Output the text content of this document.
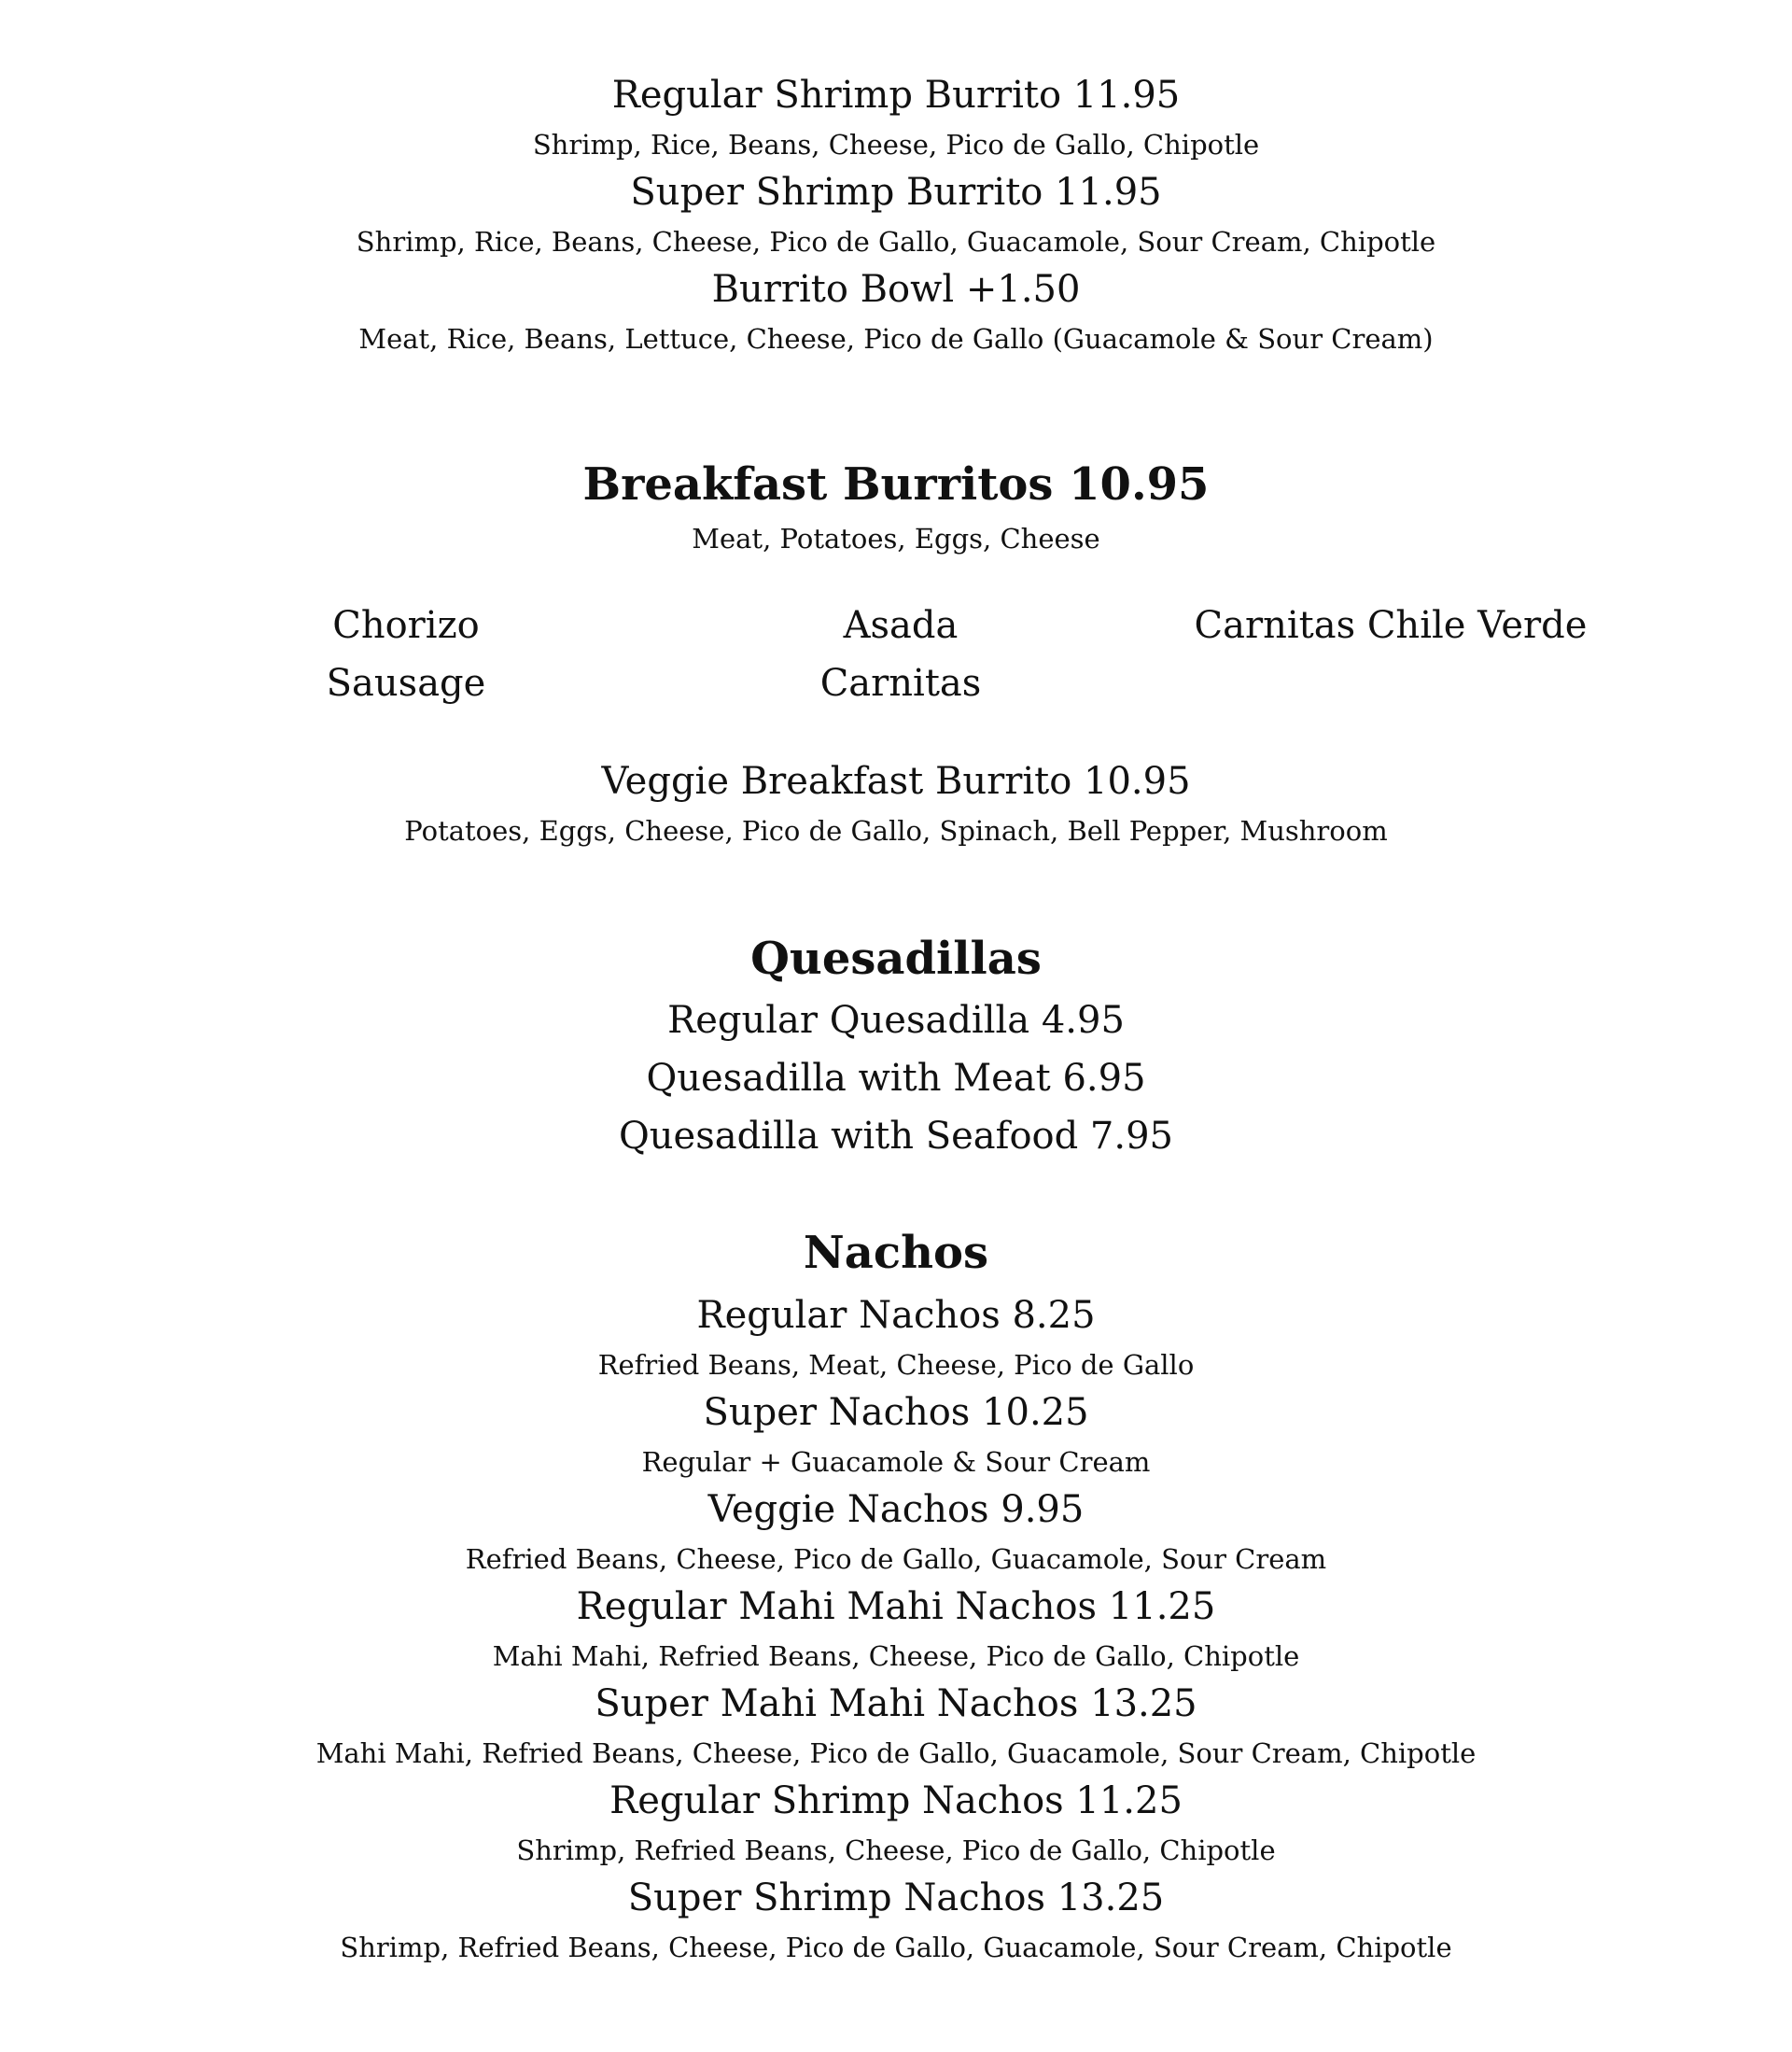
Regular Shrimp Burrito 11.95
Shrimp, Rice, Beans, Cheese, Pico de Gallo, Chipotle
Super Shrimp Burrito 11.95
Shrimp, Rice, Beans, Cheese, Pico de Gallo, Guacamole, Sour Cream, Chipotle
Burrito Bowl +1.50
Meat, Rice, Beans, Lettuce, Cheese, Pico de Gallo (Guacamole & Sour Cream)
Breakfast Burritos 10.95
Meat, Potatoes, Eggs, Cheese
Chorizo
Sausage
Asada
Carnitas
Carnitas Chile Verde
Veggie Breakfast Burrito 10.95
Potatoes, Eggs, Cheese, Pico de Gallo, Spinach, Bell Pepper, Mushroom
Quesadillas
Regular Quesadilla 4.95
Quesadilla with Meat 6.95
Quesadilla with Seafood 7.95
Nachos
Regular Nachos 8.25
Refried Beans, Meat, Cheese, Pico de Gallo
Super Nachos 10.25
Regular + Guacamole & Sour Cream
Veggie Nachos 9.95
Refried Beans, Cheese, Pico de Gallo, Guacamole, Sour Cream
Regular Mahi Mahi Nachos 11.25
Mahi Mahi, Refried Beans, Cheese, Pico de Gallo, Chipotle
Super Mahi Mahi Nachos 13.25
Mahi Mahi, Refried Beans, Cheese, Pico de Gallo, Guacamole, Sour Cream, Chipotle
Regular Shrimp Nachos 11.25
Shrimp, Refried Beans, Cheese, Pico de Gallo, Chipotle
Super Shrimp Nachos 13.25
Shrimp, Refried Beans, Cheese, Pico de Gallo, Guacamole, Sour Cream, Chipotle
